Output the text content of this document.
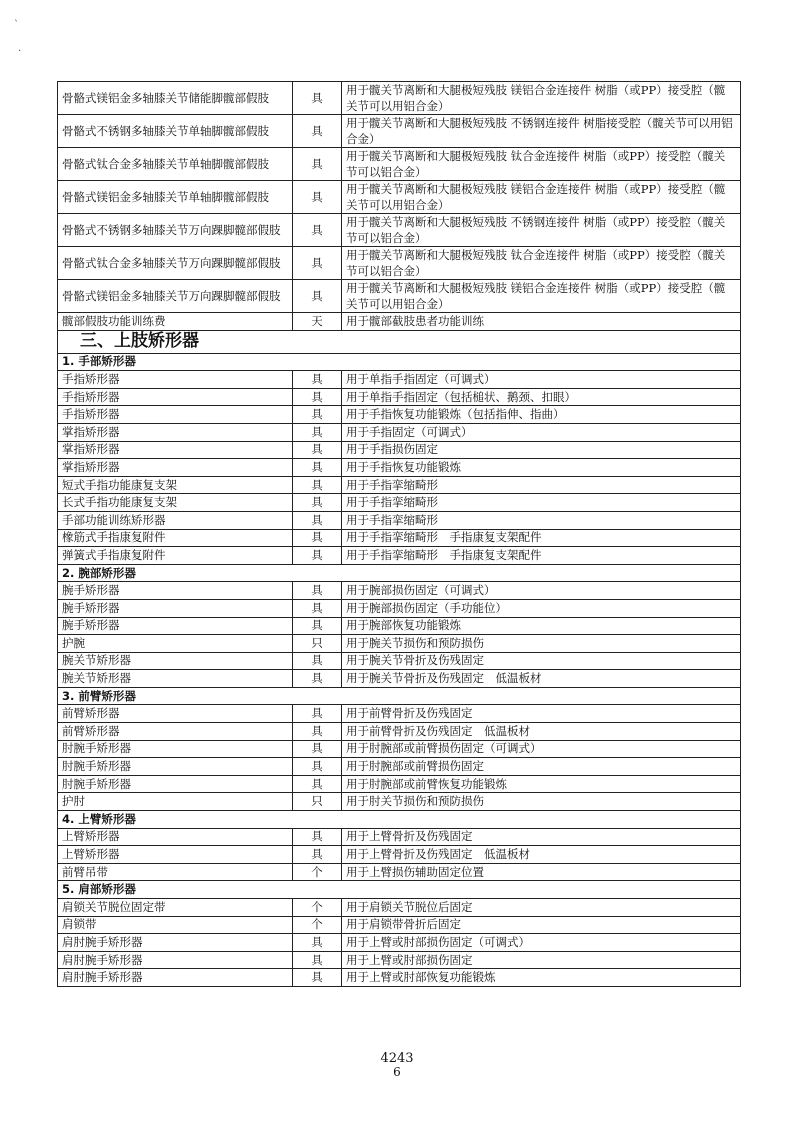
`
·
骨骼式镁铝金多轴膝关节储能脚髋部假肢	具	用于髋关节离断和大腿极短残肢 镁铝合金连接件 树脂（或PP）接受腔（髋关节可以用铝合金）
骨骼式不锈钢多轴膝关节单轴脚髋部假肢	具	用于髋关节离断和大腿极短残肢 不锈钢连接件 树脂接受腔（髋关节可以用铝合金）
骨骼式钛合金多轴膝关节单轴脚髋部假肢	具	用于髋关节离断和大腿极短残肢 钛合金连接件 树脂（或PP）接受腔（髋关节可以铝合金）
骨骼式镁铝金多轴膝关节单轴脚髋部假肢	具	用于髋关节离断和大腿极短残肢 镁铝合金连接件 树脂（或PP）接受腔（髋关节可以用铝合金）
骨骼式不锈钢多轴膝关节万向踝脚髋部假肢	具	用于髋关节离断和大腿极短残肢 不锈钢连接件 树脂（或PP）接受腔（髋关节可以铝合金）
骨骼式钛合金多轴膝关节万向踝脚髋部假肢	具	用于髋关节离断和大腿极短残肢 钛合金连接件 树脂（或PP）接受腔（髋关节可以铝合金）
骨骼式镁铝金多轴膝关节万向踝脚髋部假肢	具	用于髋关节离断和大腿极短残肢 镁铝合金连接件 树脂（或PP）接受腔（髋关节可以用铝合金）
髋部假肢功能训练费	天	用于髋部截肢患者功能训练
三、上肢矫形器		
1. 手部矫形器		
手指矫形器	具	用于单指手指固定（可调式）
手指矫形器	具	用于单指手指固定（包括槌状、鹅颈、扣眼）
手指矫形器	具	用于手指恢复功能锻炼（包括指伸、指曲）
掌指矫形器	具	用于手指固定（可调式）
掌指矫形器	具	用于手指损伤固定
掌指矫形器	具	用于手指恢复功能锻炼
短式手指功能康复支架	具	用于手指挛缩畸形
长式手指功能康复支架	具	用于手指挛缩畸形
手部功能训练矫形器	具	用于手指挛缩畸形
橡筋式手指康复附件	具	用于手指挛缩畸形　手指康复支架配件
弹簧式手指康复附件	具	用于手指挛缩畸形　手指康复支架配件
2. 腕部矫形器		
腕手矫形器	具	用于腕部损伤固定（可调式）
腕手矫形器	具	用于腕部损伤固定（手功能位）
腕手矫形器	具	用于腕部恢复功能锻炼
护腕	只	用于腕关节损伤和预防损伤
腕关节矫形器	具	用于腕关节骨折及伤残固定
腕关节矫形器	具	用于腕关节骨折及伤残固定　低温板材
3. 前臂矫形器		
前臂矫形器	具	用于前臂骨折及伤残固定
前臂矫形器	具	用于前臂骨折及伤残固定　低温板材
肘腕手矫形器	具	用于肘腕部或前臂损伤固定（可调式）
肘腕手矫形器	具	用于肘腕部或前臂损伤固定
肘腕手矫形器	具	用于肘腕部或前臂恢复功能锻炼
护肘	只	用于肘关节损伤和预防损伤
4. 上臂矫形器		
上臂矫形器	具	用于上臂骨折及伤残固定
上臂矫形器	具	用于上臂骨折及伤残固定　低温板材
前臂吊带	个	用于上臂损伤辅助固定位置
5. 肩部矫形器		
肩锁关节脱位固定带	个	用于肩锁关节脱位后固定
肩锁带	个	用于肩锁带骨折后固定
肩肘腕手矫形器	具	用于上臂或肘部损伤固定（可调式）
肩肘腕手矫形器	具	用于上臂或肘部损伤固定
肩肘腕手矫形器	具	用于上臂或肘部恢复功能锻炼
4243
6
